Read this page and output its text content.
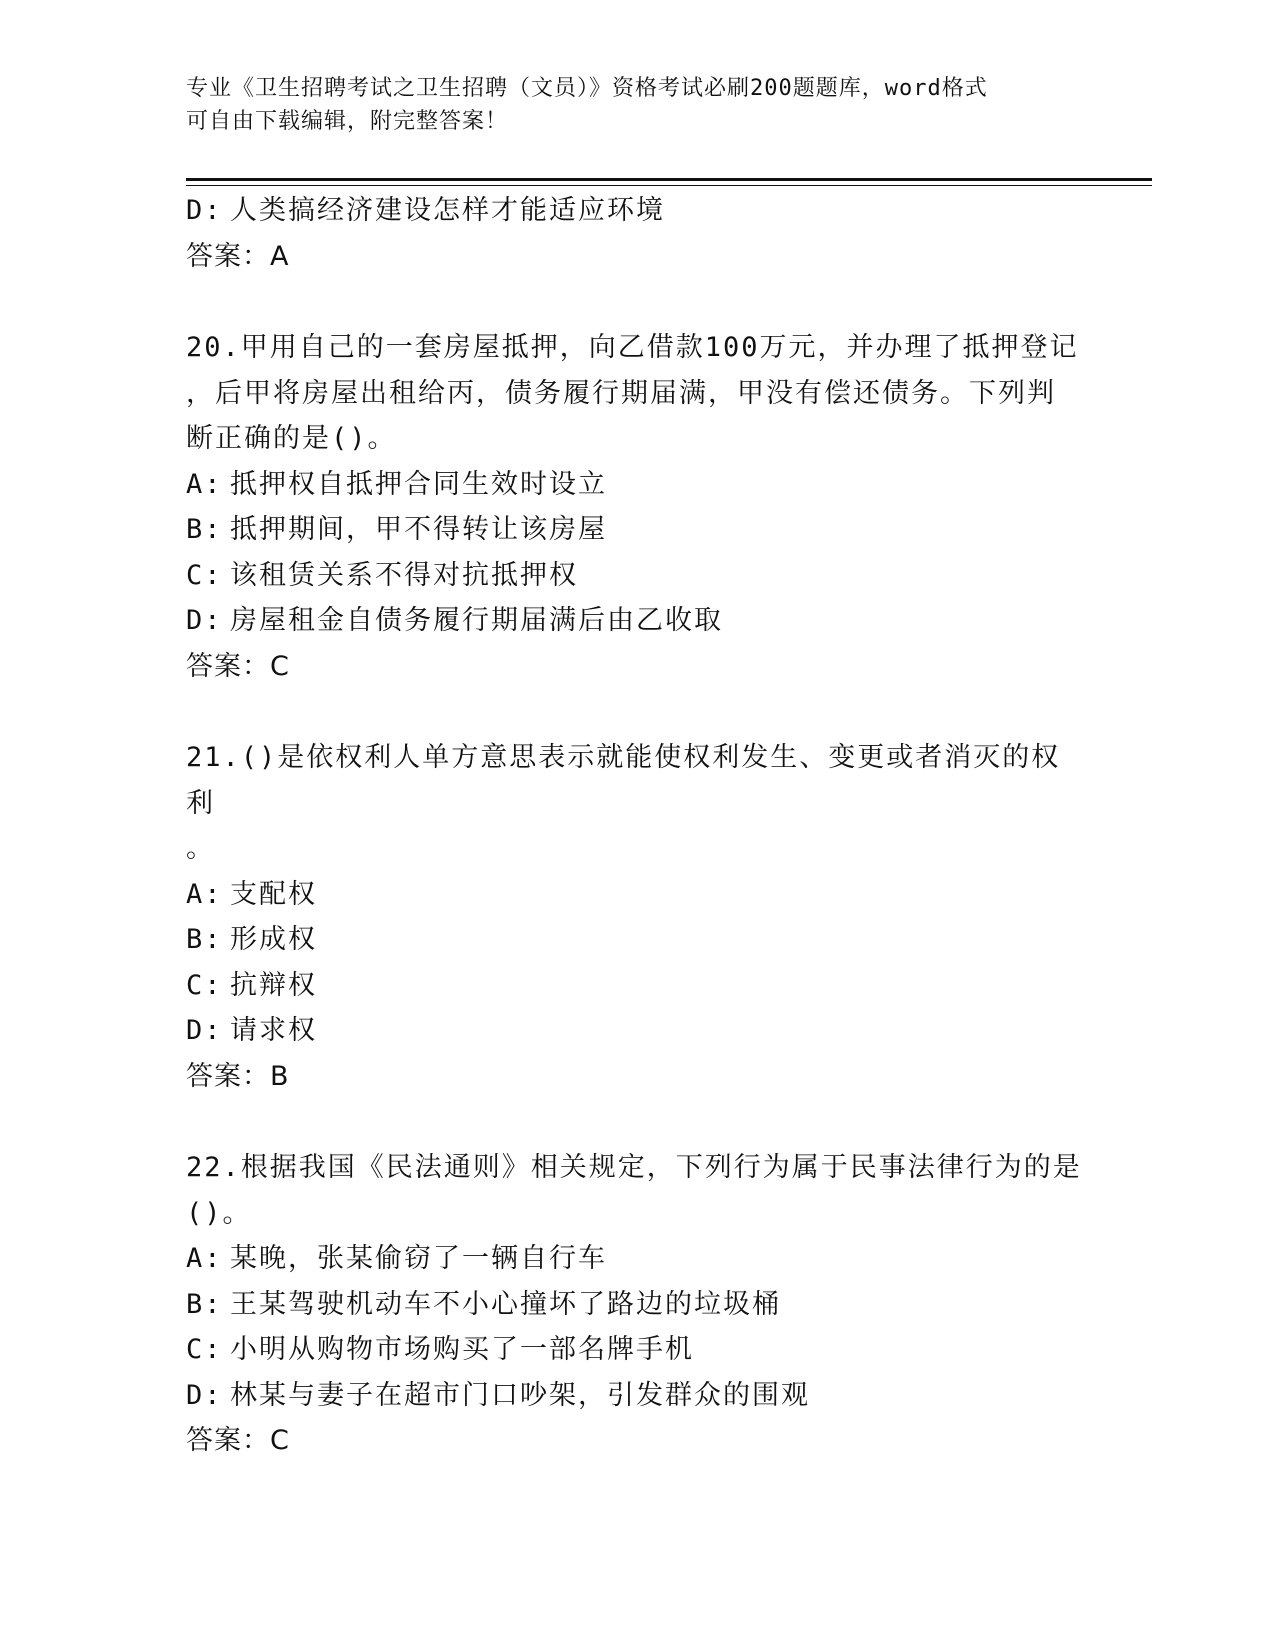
专业《卫生招聘考试之卫生招聘（文员）》资格考试必刷200题题库，word格式
可自由下载编辑，附完整答案！
D: 人类搞经济建设怎样才能适应环境
答案：A
20.甲用自己的一套房屋抵押，向乙借款100万元，并办理了抵押登记
，后甲将房屋出租给丙，债务履行期届满，甲没有偿还债务。下列判
断正确的是()。
A: 抵押权自抵押合同生效时设立
B: 抵押期间，甲不得转让该房屋
C: 该租赁关系不得对抗抵押权
D: 房屋租金自债务履行期届满后由乙收取
答案：C
21.()是依权利人单方意思表示就能使权利发生、变更或者消灭的权利
。
A: 支配权
B: 形成权
C: 抗辩权
D: 请求权
答案：B
22.根据我国《民法通则》相关规定，下列行为属于民事法律行为的是
()。
A: 某晚，张某偷窃了一辆自行车
B: 王某驾驶机动车不小心撞坏了路边的垃圾桶
C: 小明从购物市场购买了一部名牌手机
D: 林某与妻子在超市门口吵架，引发群众的围观
答案：C
